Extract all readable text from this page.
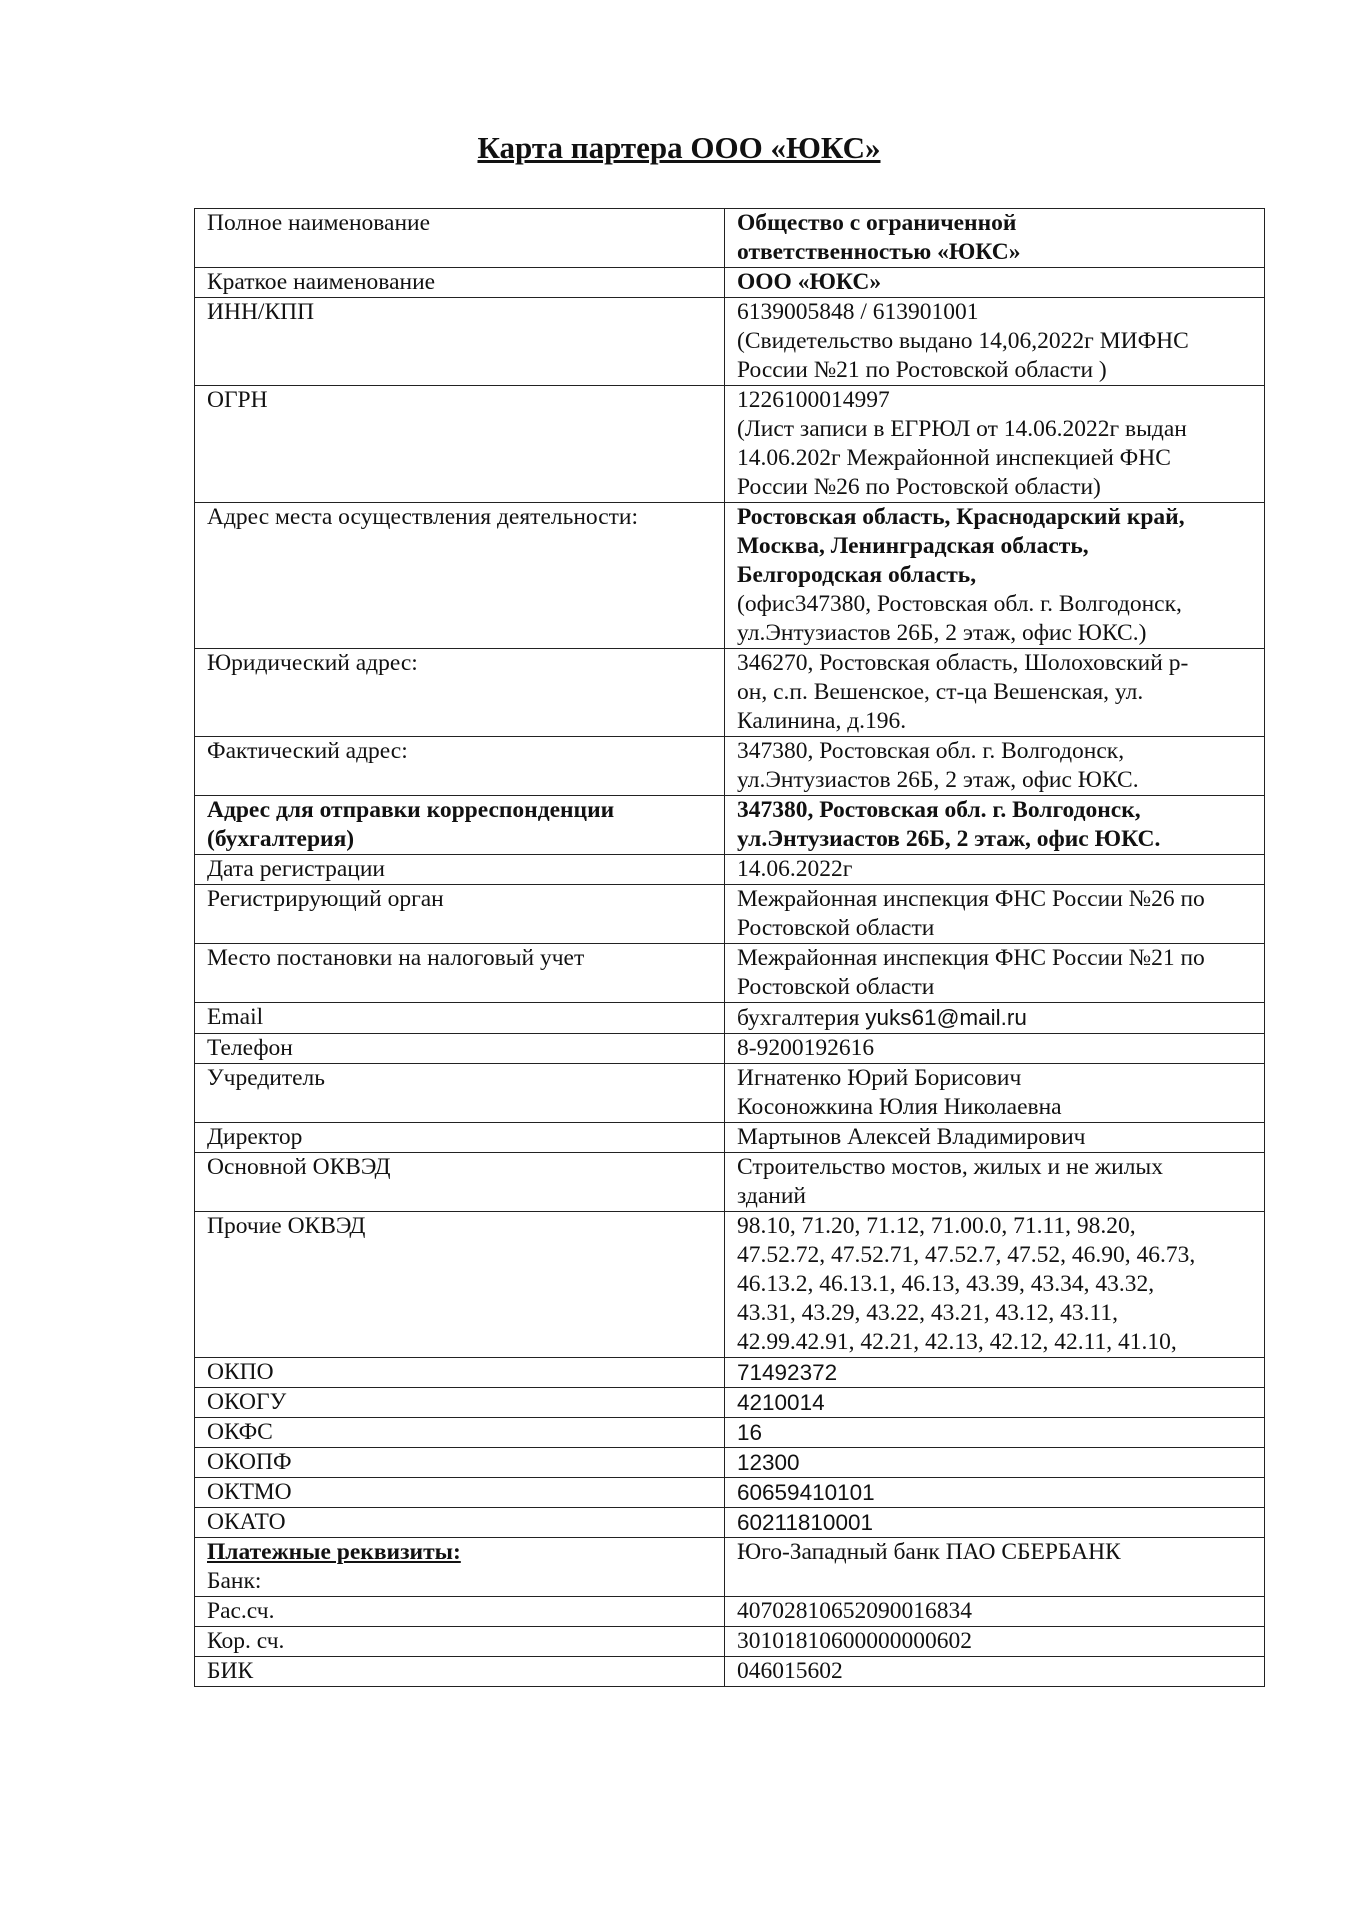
Карта партера ООО «ЮКС»
Полное наименование	Общество с ограниченной
ответственностью «ЮКС»

Краткое наименование	ООО «ЮКС»
ИНН/КПП	6139005848 / 613901001
(Свидетельство выдано 14,06,2022г МИФНС
России №21 по Ростовской области )

ОГРН	1226100014997
(Лист записи в ЕГРЮЛ от 14.06.2022г выдан
14.06.202г Межрайонной инспекцией ФНС
России №26 по Ростовской области)

Адрес места осуществления деятельности:	Ростовская область, Краснодарский край,
Москва, Ленинградская область,
Белгородская область,
(офис347380, Ростовская обл. г. Волгодонск,
ул.Энтузиастов 26Б, 2 этаж, офис ЮКС.)

Юридический адрес:	346270, Ростовская область, Шолоховский р-
он, с.п. Вешенское, ст-ца Вешенская, ул.
Калинина, д.196.

Фактический адрес:	347380, Ростовская обл. г. Волгодонск,
ул.Энтузиастов 26Б, 2 этаж, офис ЮКС.

Адрес для отправки корреспонденции
(бухгалтерия)	347380, Ростовская обл. г. Волгодонск,
ул.Энтузиастов 26Б, 2 этаж, офис ЮКС.

Дата регистрации	14.06.2022г
Регистрирующий орган	Межрайонная инспекция ФНС России №26 по
Ростовской области

Место постановки на налоговый учет	Межрайонная инспекция ФНС России №21 по
Ростовской области

Email	бухгалтерия yuks61@mail.ru
Телефон	8-9200192616
Учредитель	Игнатенко Юрий Борисович
Косоножкина Юлия Николаевна

Директор	Мартынов Алексей Владимирович
Основной ОКВЭД	Строительство мостов, жилых и не жилых
зданий

Прочие ОКВЭД	98.10, 71.20, 71.12, 71.00.0, 71.11, 98.20,
47.52.72, 47.52.71, 47.52.7, 47.52, 46.90, 46.73,
46.13.2, 46.13.1, 46.13, 43.39, 43.34, 43.32,
43.31, 43.29, 43.22, 43.21, 43.12, 43.11,
42.99.42.91, 42.21, 42.13, 42.12, 42.11, 41.10,

ОКПО	71492372
ОКОГУ	4210014
ОКФС	16
ОКОПФ	12300
ОКТМО	60659410101
ОКАТО	60211810001

Платежные реквизиты:
Банк:	Юго-Западный банк ПАО СБЕРБАНК
Рас.сч.	40702810652090016834
Кор. сч.	30101810600000000602
БИК	046015602
